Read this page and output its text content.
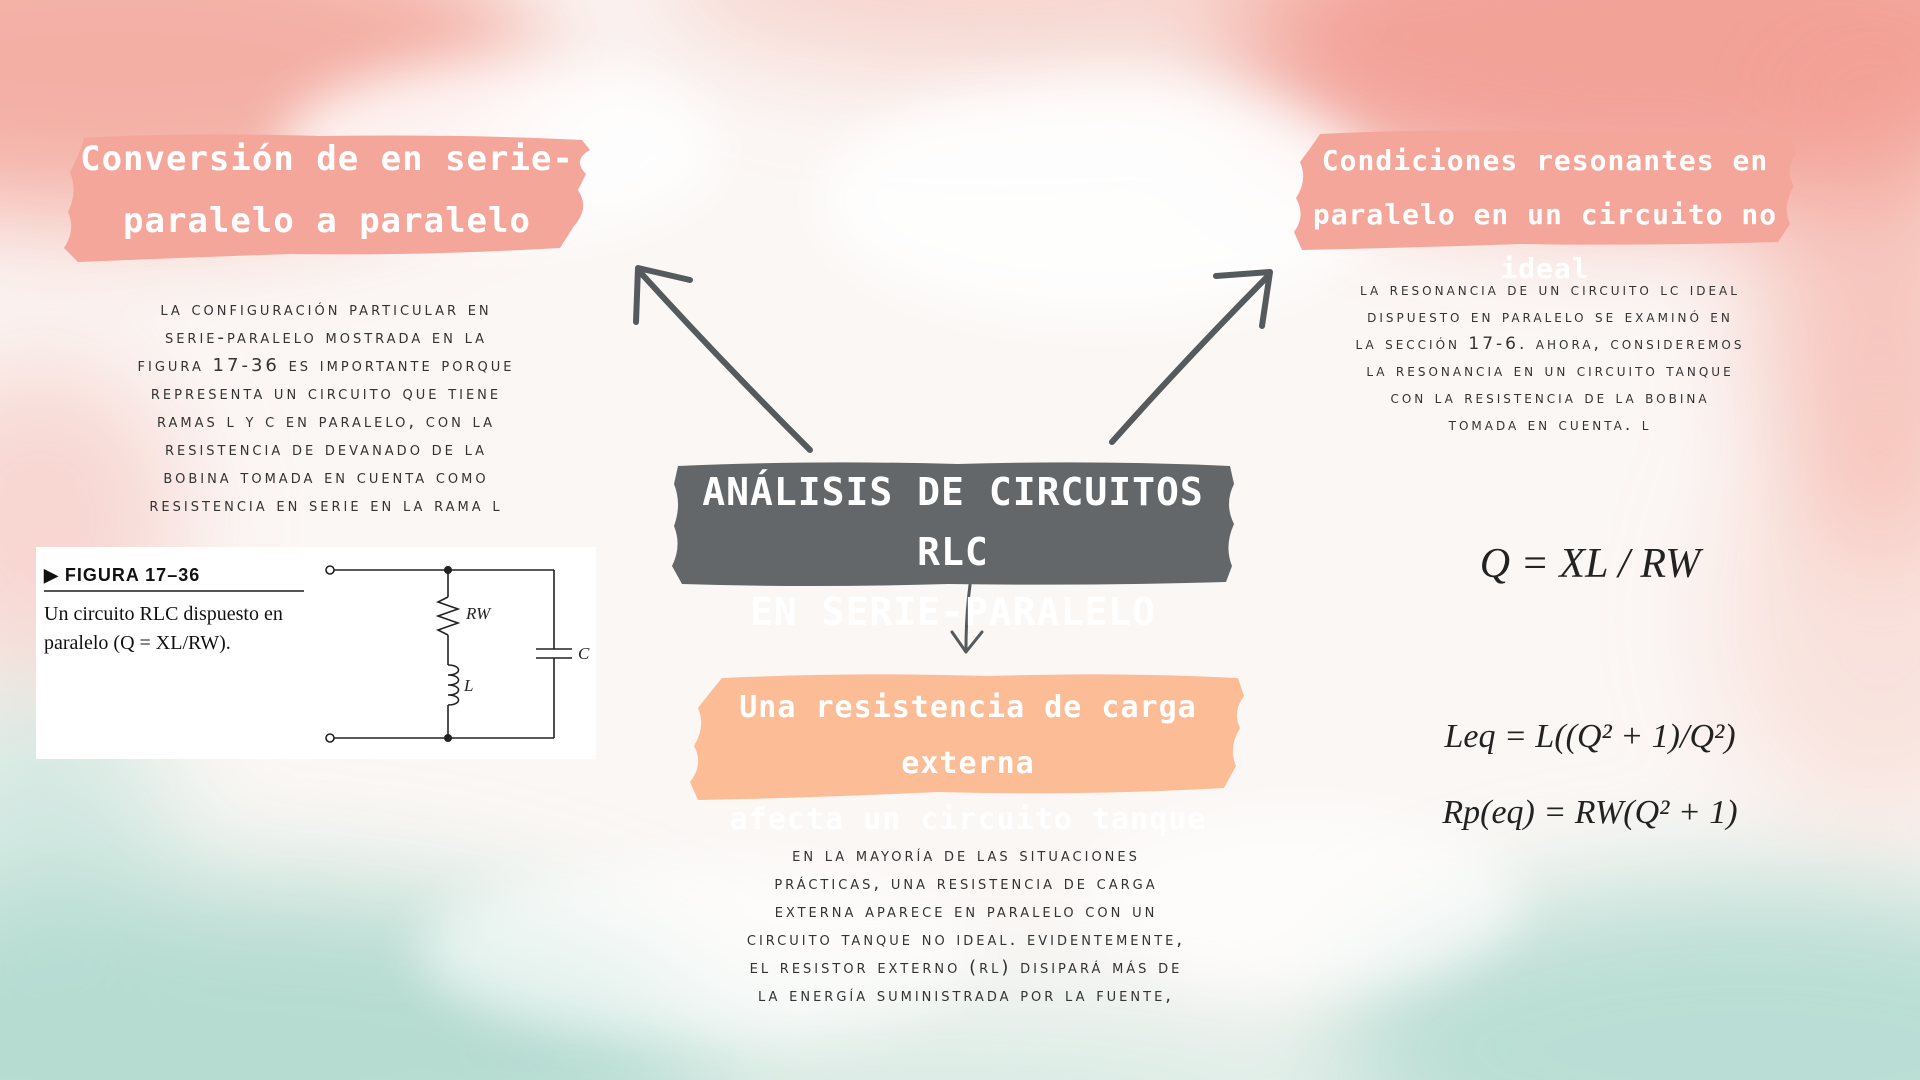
ANÁLISIS DE CIRCUITOS RLC
EN SERIE-PARALELO
Conversión de en serie-
paralelo a paralelo
Condiciones resonantes en
paralelo en un circuito no ideal
Una resistencia de carga externa
afecta un circuito tanque
la configuración particular en
serie-paralelo mostrada en la
figura 17-36 es importante porque
representa un circuito que tiene
ramas l y c en paralelo, con la
resistencia de devanado de la
bobina tomada en cuenta como
resistencia en serie en la rama l
la resonancia de un circuito lc ideal
dispuesto en paralelo se examinó en
la sección 17-6. ahora, consideremos
la resonancia en un circuito tanque
con la resistencia de la bobina
tomada en cuenta. l
en la mayoría de las situaciones
prácticas, una resistencia de carga
externa aparece en paralelo con un
circuito tanque no ideal. evidentemente,
el resistor externo (rl) disipará más de
la energía suministrada por la fuente,
▶ FIGURA 17–36
Un circuito RLC dispuesto en
paralelo (Q = XL/RW).
RW
L
C
Q = XL / RW
Leq = L((Q² + 1)/Q²)
Rp(eq) = RW(Q² + 1)
